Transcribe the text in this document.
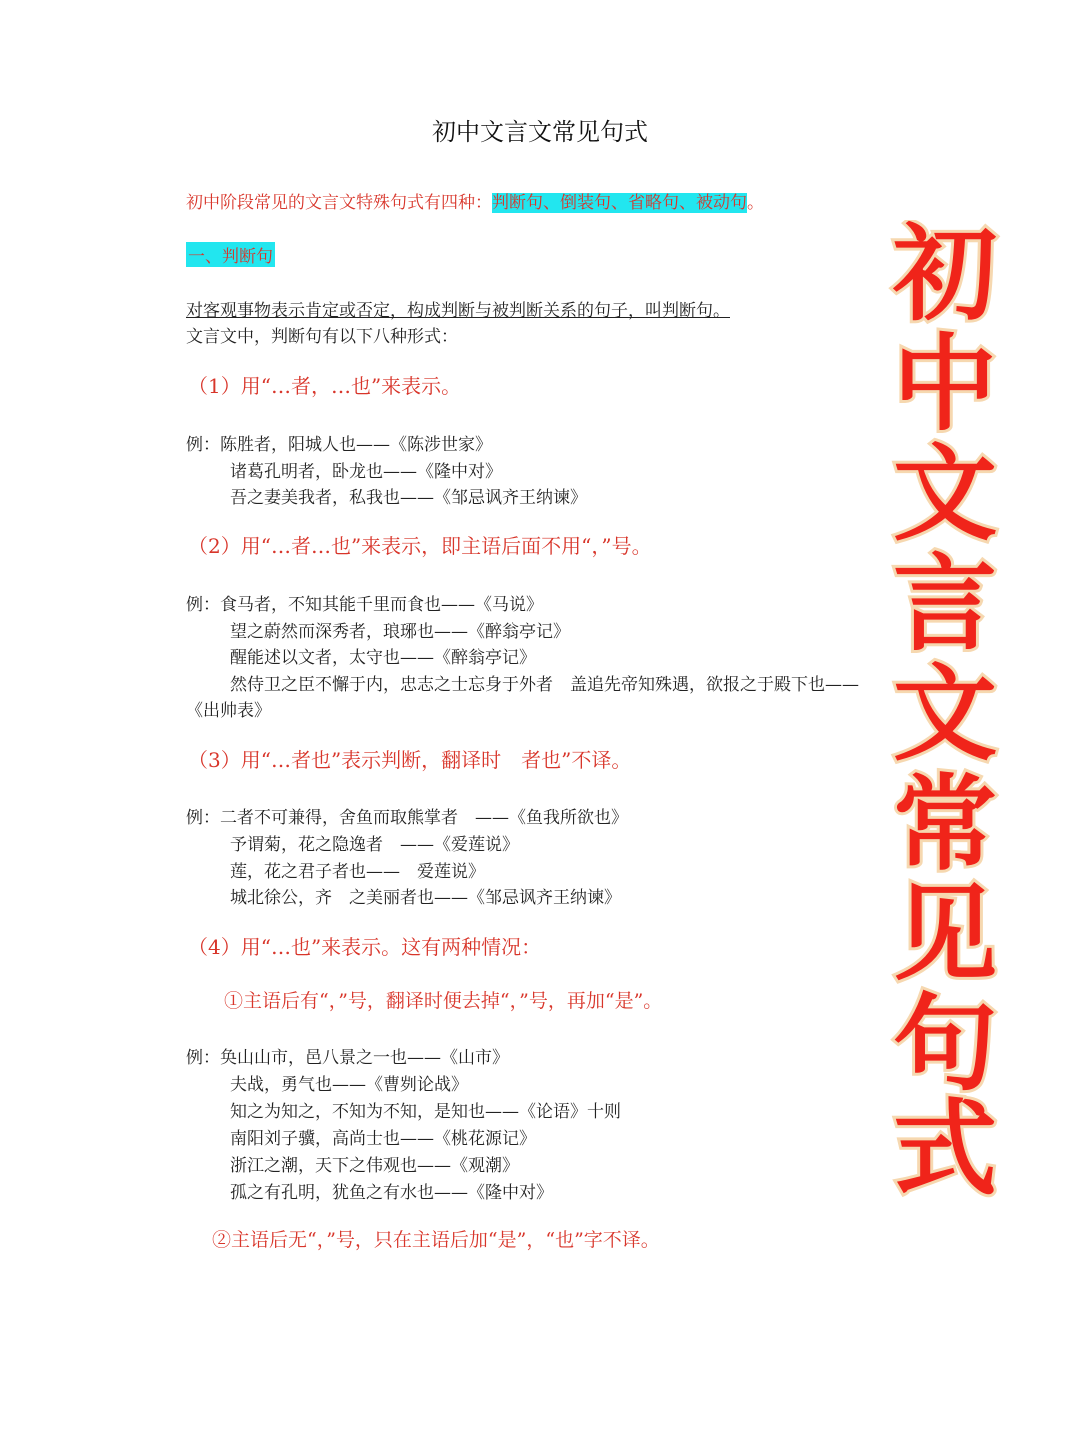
初中文言文常见句式
初中阶段常见的文言文特殊句式有四种：判断句、倒装句、省略句、被动句。
一、判断句
对客观事物表示肯定或否定，构成判断与被判断关系的句子，叫判断句。
文言文中，判断句有以下八种形式：
（1）用“…者，…也”来表示。
例：陈胜者，阳城人也——《陈涉世家》
诸葛孔明者，卧龙也——《隆中对》
吾之妻美我者，私我也——《邹忌讽齐王纳谏》
（2）用“…者…也”来表示，即主语后面不用“，”号。
例：食马者，不知其能千里而食也——《马说》
望之蔚然而深秀者，琅琊也——《醉翁亭记》
醒能述以文者，太守也——《醉翁亭记》
然侍卫之臣不懈于内，忠志之士忘身于外者　盖追先帝知殊遇，欲报之于殿下也——
《出帅表》
（3）用“…者也”表示判断，翻译时　者也”不译。
例：二者不可兼得，舍鱼而取熊掌者　——《鱼我所欲也》
予谓菊，花之隐逸者　——《爱莲说》
莲，花之君子者也——　爱莲说》
城北徐公，齐　之美丽者也——《邹忌讽齐王纳谏》
（4）用“…也”来表示。这有两种情况：
①主语后有“，”号，翻译时便去掉“，”号，再加“是”。
例：奂山山市，邑八景之一也——《山市》
夫战，勇气也——《曹刿论战》
知之为知之，不知为不知，是知也——《论语》十则
南阳刘子骥，高尚士也——《桃花源记》
浙江之潮，天下之伟观也——《观潮》
孤之有孔明，犹鱼之有水也——《隆中对》
②主语后无“，”号，只在主语后加“是”，“也”字不译。
初
中
文
言
文
常
见
句
式
